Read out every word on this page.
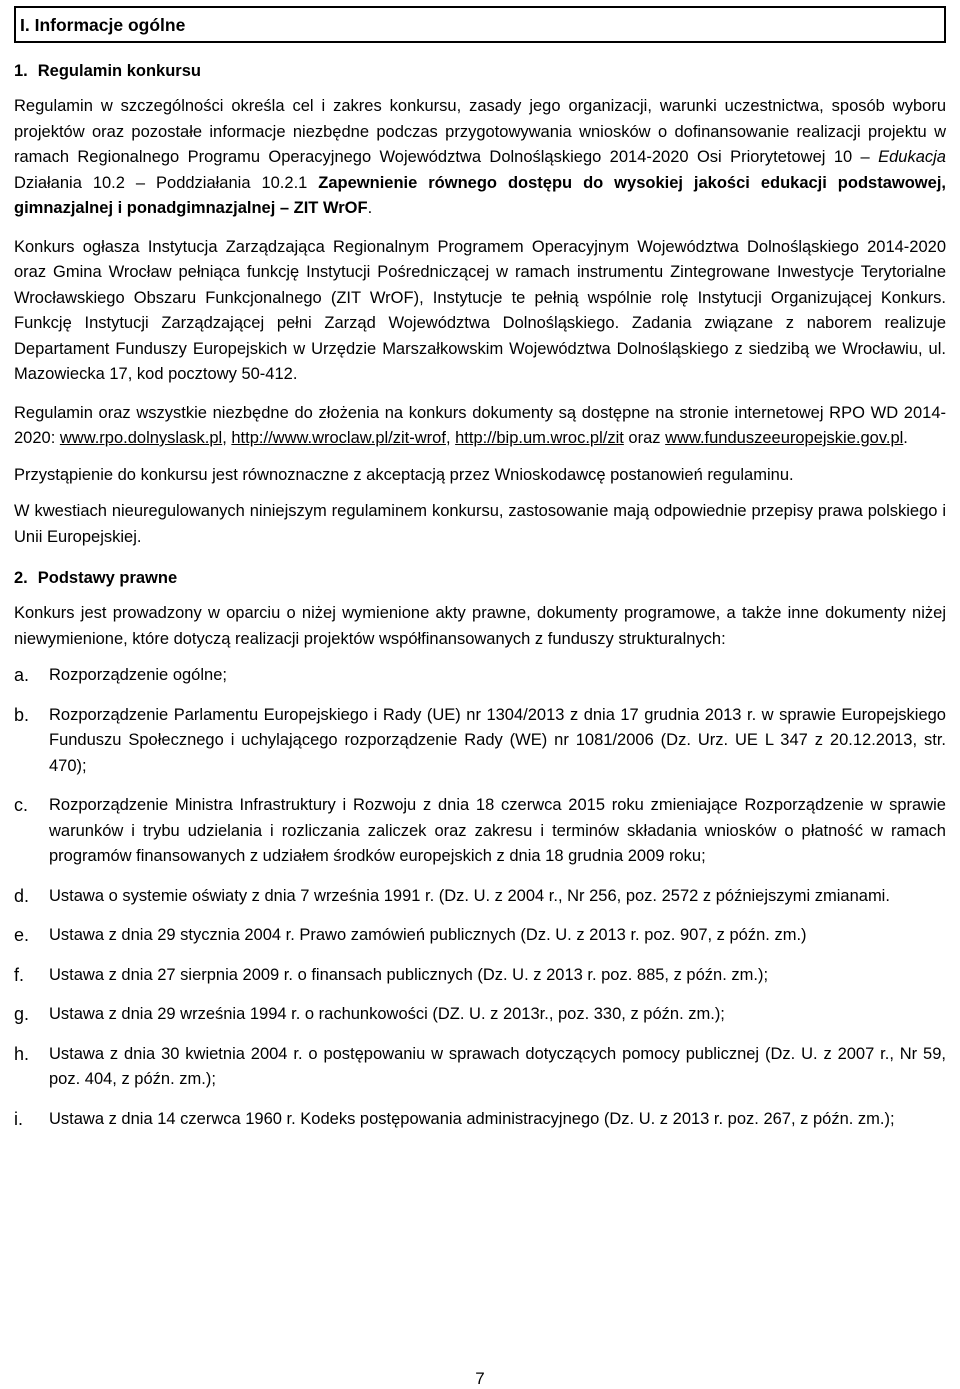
I. Informacje ogólne
1. Regulamin konkursu

Regulamin w szczególności określa cel i zakres konkursu, zasady jego organizacji, warunki uczestnictwa, sposób wyboru projektów oraz pozostałe informacje niezbędne podczas przygotowywania wniosków o dofinansowanie realizacji projektu w ramach Regionalnego Programu Operacyjnego Województwa Dolnośląskiego 2014-2020 Osi Priorytetowej 10 – Edukacja Działania 10.2 – Poddziałania 10.2.1 Zapewnienie równego dostępu do wysokiej jakości edukacji podstawowej, gimnazjalnej i ponadgimnazjalnej – ZIT WrOF.

Konkurs ogłasza Instytucja Zarządzająca Regionalnym Programem Operacyjnym Województwa Dolnośląskiego 2014-2020 oraz Gmina Wrocław pełniąca funkcję Instytucji Pośredniczącej w ramach instrumentu Zintegrowane Inwestycje Terytorialne Wrocławskiego Obszaru Funkcjonalnego (ZIT WrOF), Instytucje te pełnią wspólnie rolę Instytucji Organizującej Konkurs. Funkcję Instytucji Zarządzającej pełni Zarząd Województwa Dolnośląskiego. Zadania związane z naborem realizuje Departament Funduszy Europejskich w Urzędzie Marszałkowskim Województwa Dolnośląskiego z siedzibą we Wrocławiu, ul. Mazowiecka 17, kod pocztowy 50-412.

Regulamin oraz wszystkie niezbędne do złożenia na konkurs dokumenty są dostępne na stronie internetowej RPO WD 2014-2020: www.rpo.dolnyslask.pl, http://www.wroclaw.pl/zit-wrof, http://bip.um.wroc.pl/zit oraz www.funduszeeuropejskie.gov.pl.

Przystąpienie do konkursu jest równoznaczne z akceptacją przez Wnioskodawcę postanowień regulaminu.

W kwestiach nieuregulowanych niniejszym regulaminem konkursu, zastosowanie mają odpowiednie przepisy prawa polskiego i Unii Europejskiej.

2. Podstawy prawne

Konkurs jest prowadzony w oparciu o niżej wymienione akty prawne, dokumenty programowe, a także inne dokumenty niżej niewymienione, które dotyczą realizacji projektów współfinansowanych z funduszy strukturalnych:

a.	Rozporządzenie ogólne;
b.	Rozporządzenie Parlamentu Europejskiego i Rady (UE) nr 1304/2013 z dnia 17 grudnia 2013 r. w sprawie Europejskiego Funduszu Społecznego i uchylającego rozporządzenie Rady (WE) nr 1081/2006 (Dz. Urz. UE L 347 z 20.12.2013, str. 470);
c.	Rozporządzenie Ministra Infrastruktury i Rozwoju z dnia 18 czerwca 2015 roku zmieniające Rozporządzenie w sprawie warunków i trybu udzielania i rozliczania zaliczek oraz zakresu i terminów składania wniosków o płatność w ramach programów finansowanych z udziałem środków europejskich z dnia 18 grudnia 2009 roku;
d.	Ustawa o systemie oświaty z dnia 7 września 1991 r. (Dz. U. z 2004 r., Nr 256, poz. 2572 z późniejszymi zmianami.
e.	Ustawa z dnia 29 stycznia 2004 r. Prawo zamówień publicznych (Dz. U. z 2013 r. poz. 907, z późn. zm.)
f.	Ustawa z dnia 27 sierpnia 2009 r. o finansach publicznych (Dz. U. z 2013 r. poz. 885, z późn. zm.);
g.	Ustawa z dnia 29 września 1994 r. o rachunkowości (DZ. U. z 2013r., poz. 330, z późn. zm.);
h.	Ustawa z dnia 30 kwietnia 2004 r. o postępowaniu w sprawach dotyczących pomocy publicznej (Dz. U. z 2007 r., Nr 59, poz. 404, z późn. zm.);
i.	Ustawa z dnia 14 czerwca 1960 r. Kodeks postępowania administracyjnego (Dz. U. z 2013 r. poz. 267, z późn. zm.);
7
